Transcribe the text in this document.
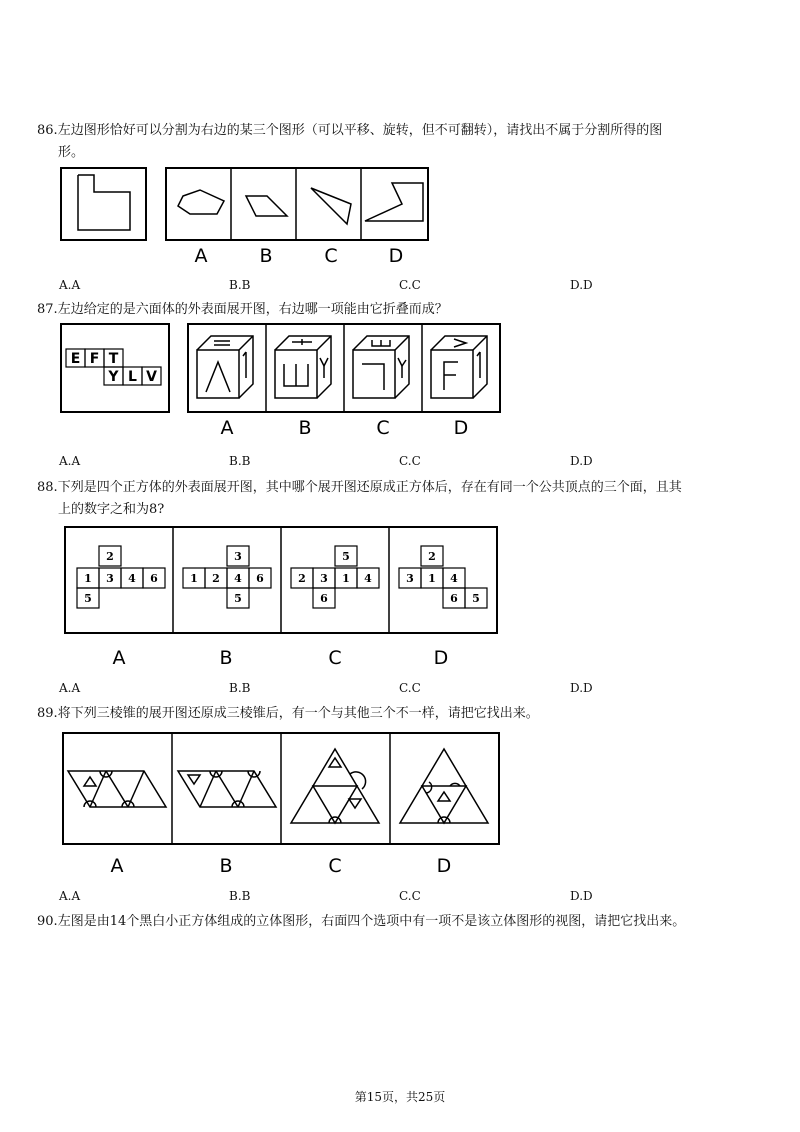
86.左边图形恰好可以分割为右边的某三个图形（可以平移、旋转，但不可翻转），请找出不属于分割所得的图
形。
A	B	C	D
A.A	B.B	C.C	D.D
87.左边给定的是六面体的外表面展开图，右边哪一项能由它折叠而成？
E F T
Y L V
A	B	C	D
A.A	B.B	C.C	D.D
88.下列是四个正方体的外表面展开图，其中哪个展开图还原成正方体后，存在有同一个公共顶点的三个面，且其
上的数字之和为8?
2
1 3 4 6
5
3
1 2 4 6
5
5
2 3 1 4
6
2
3 1 4
6 5
A	B	C	D
A.A	B.B	C.C	D.D
89.将下列三棱锥的展开图还原成三棱锥后，有一个与其他三个不一样，请把它找出来。
A	B	C	D
A.A	B.B	C.C	D.D
90.左图是由14个黑白小正方体组成的立体图形，右面四个选项中有一项不是该立体图形的视图，请把它找出来。
第15页，共25页
